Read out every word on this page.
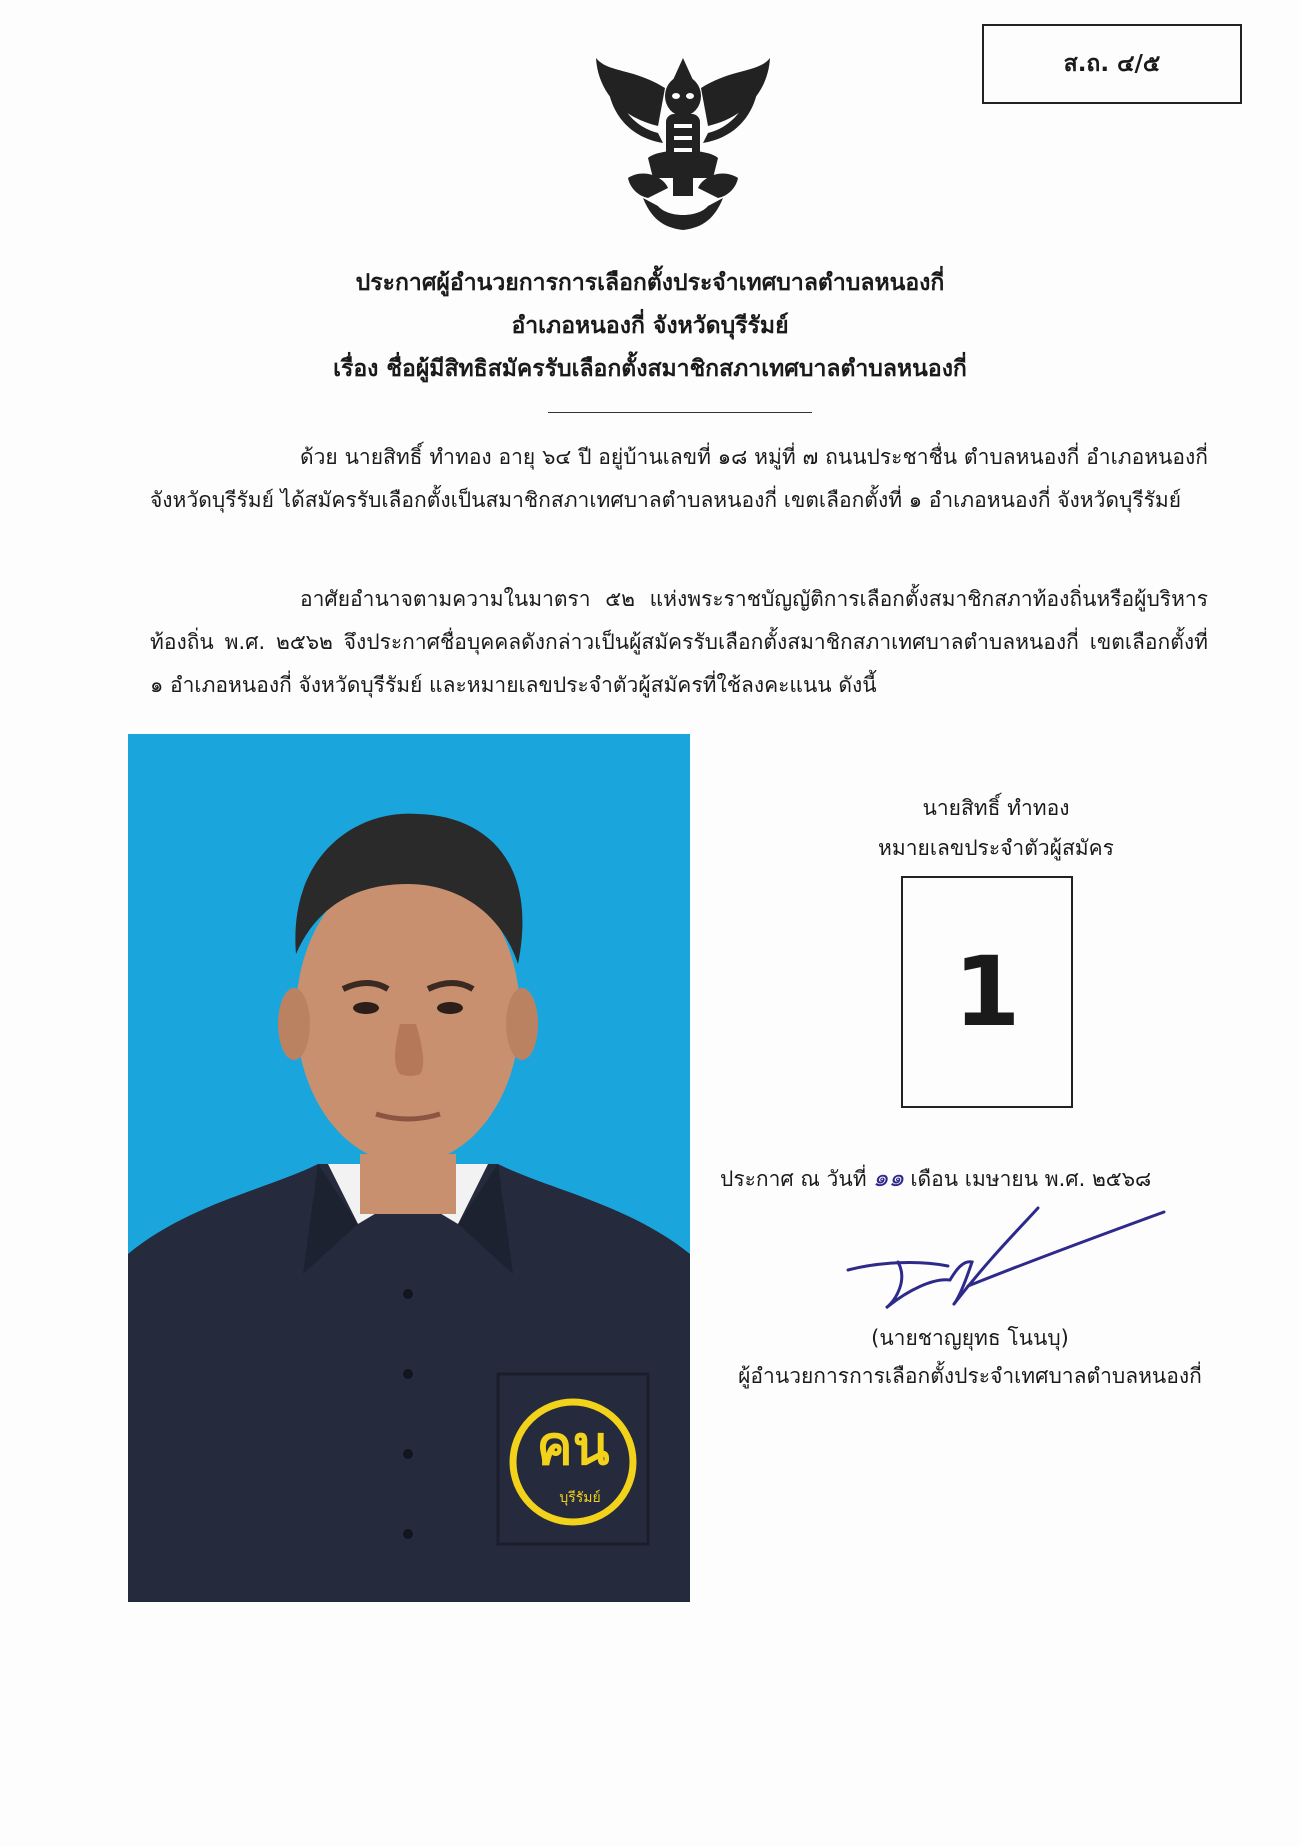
ส.ถ. ๔/๕
ประกาศผู้อำนวยการการเลือกตั้งประจำเทศบาลตำบลหนองกี่
อำเภอหนองกี่ จังหวัดบุรีรัมย์
เรื่อง ชื่อผู้มีสิทธิสมัครรับเลือกตั้งสมาชิกสภาเทศบาลตำบลหนองกี่

ด้วย นายสิทธิ์ ทำทอง อายุ ๖๔ ปี อยู่บ้านเลขที่ ๑๘ หมู่ที่ ๗ ถนนประชาชื่น ตำบลหนองกี่ อำเภอหนองกี่ จังหวัดบุรีรัมย์ ได้สมัครรับเลือกตั้งเป็นสมาชิกสภาเทศบาลตำบลหนองกี่ เขตเลือกตั้งที่ ๑ อำเภอหนองกี่ จังหวัดบุรีรัมย์

อาศัยอำนาจตามความในมาตรา ๕๒ แห่งพระราชบัญญัติการเลือกตั้งสมาชิกสภาท้องถิ่นหรือผู้บริหารท้องถิ่น พ.ศ. ๒๕๖๒ จึงประกาศชื่อบุคคลดังกล่าวเป็นผู้สมัครรับเลือกตั้งสมาชิกสภาเทศบาลตำบลหนองกี่ เขตเลือกตั้งที่ ๑ อำเภอหนองกี่ จังหวัดบุรีรัมย์ และหมายเลขประจำตัวผู้สมัครที่ใช้ลงคะแนน ดังนี้

คน
บุรีรัมย์
นายสิทธิ์ ทำทอง
หมายเลขประจำตัวผู้สมัคร
1
ประกาศ ณ วันที่ ๑๑ เดือน เมษายน พ.ศ. ๒๕๖๘
(นายชาญยุทธ โนนบุ)
ผู้อำนวยการการเลือกตั้งประจำเทศบาลตำบลหนองกี่
